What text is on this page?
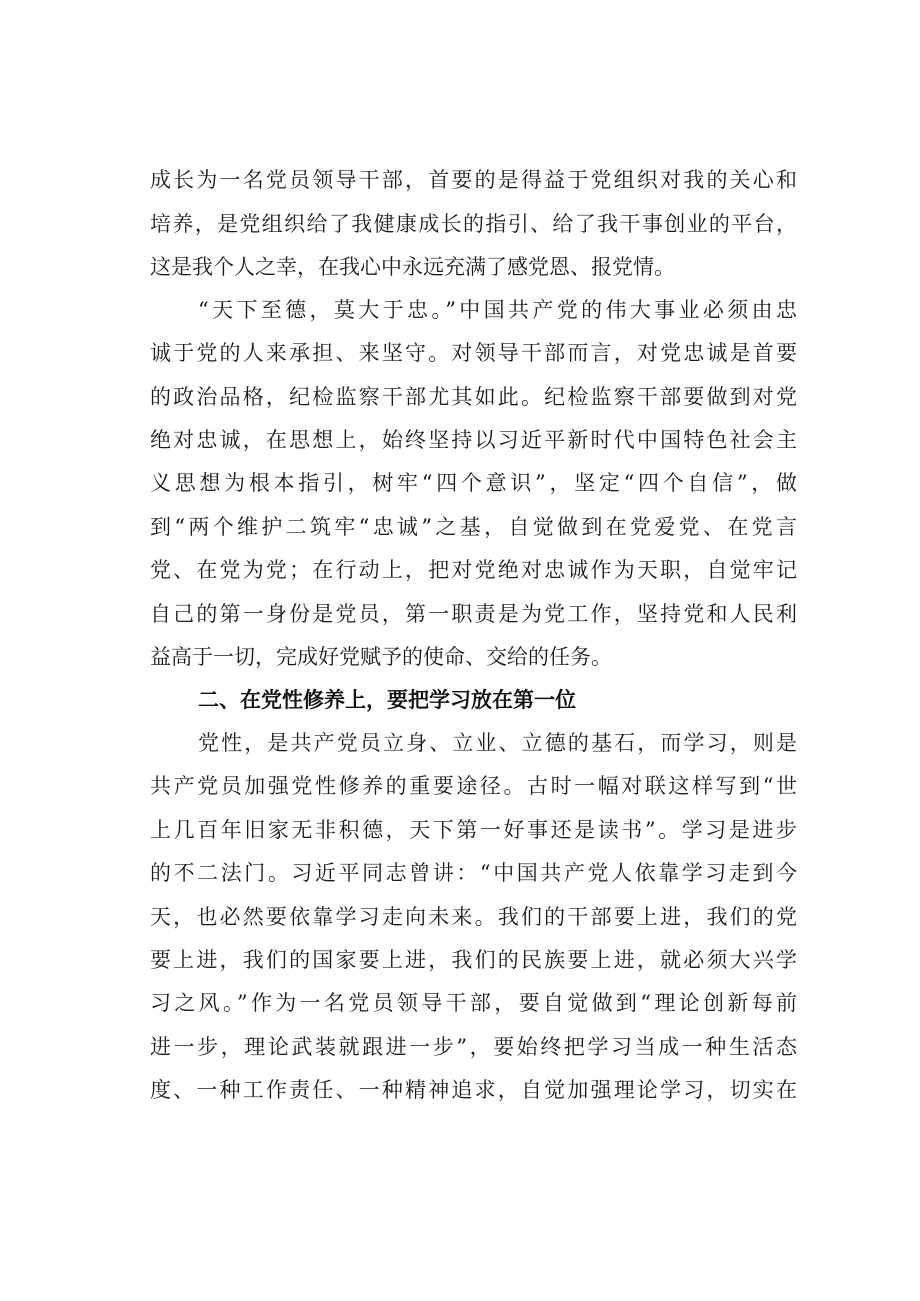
成长为一名党员领导干部，首要的是得益于党组织对我的关心和
培养，是党组织给了我健康成长的指引、给了我干事创业的平台，
这是我个人之幸，在我心中永远充满了感党恩、报党情。
“天下至德，莫大于忠。”中国共产党的伟大事业必须由忠
诚于党的人来承担、来坚守。对领导干部而言，对党忠诚是首要
的政治品格，纪检监察干部尤其如此。纪检监察干部要做到对党
绝对忠诚，在思想上，始终坚持以习近平新时代中国特色社会主
义思想为根本指引，树牢“四个意识”，坚定“四个自信”，做
到“两个维护二筑牢“忠诚”之基，自觉做到在党爱党、在党言
党、在党为党；在行动上，把对党绝对忠诚作为天职，自觉牢记
自己的第一身份是党员，第一职责是为党工作，坚持党和人民利
益高于一切，完成好党赋予的使命、交给的任务。
二、在党性修养上，要把学习放在第一位
党性，是共产党员立身、立业、立德的基石，而学习，则是
共产党员加强党性修养的重要途径。古时一幅对联这样写到“世
上几百年旧家无非积德，天下第一好事还是读书”。学习是进步
的不二法门。习近平同志曾讲：“中国共产党人依靠学习走到今
天，也必然要依靠学习走向未来。我们的干部要上进，我们的党
要上进，我们的国家要上进，我们的民族要上进，就必须大兴学
习之风。”作为一名党员领导干部，要自觉做到“理论创新每前
进一步，理论武装就跟进一步”，要始终把学习当成一种生活态
度、一种工作责任、一种精神追求，自觉加强理论学习，切实在
